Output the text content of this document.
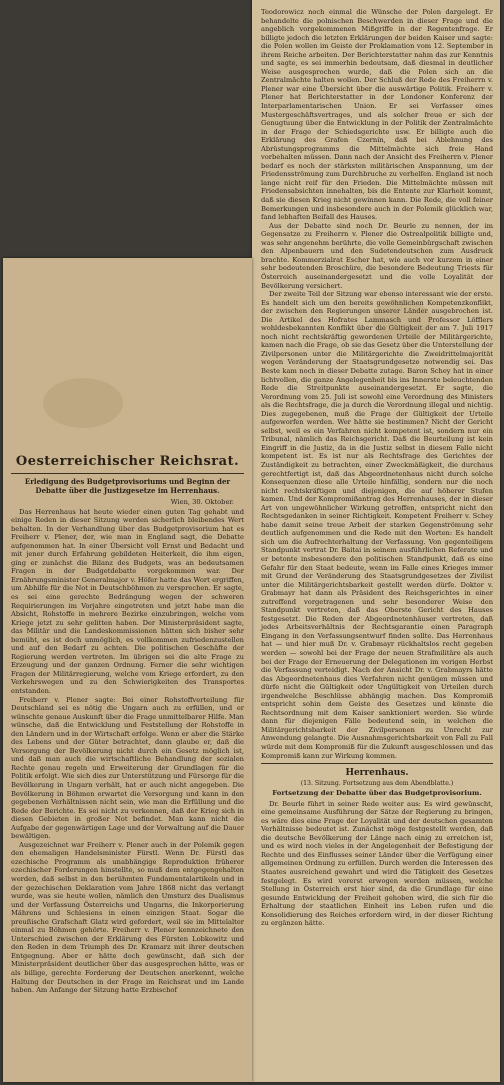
Teodorowicz noch einmal die Wünsche der Polen dargelegt. Er behandelte die polnischen Beschwerden in dieser Frage und die angeblich vorgekommenen Mißgriffe in der Regentenfrage. Er billigte jedoch die letzten Erklärungen der beiden Kaiser und sagte: die Polen wollen im Geiste der Proklamation vom 12. September in ihrem Reiche arbeiten. Der Berichterstatter nahm das zur Kenntnis und sagte, es sei immerhin bedeutsam, daß diesmal in deutlicher Weise ausgesprochen wurde, daß die Polen sich an die Zentralmächte halten wollen. Der Schluß der Rede des Freiherrn v. Plener war eine Übersicht über die auswärtige Politik. Freiherr v. Plener hat Berichterstatter in der Londoner Konferenz der Interparlamentarischen Union. Er sei Verfasser eines Mustergeschäftsvertrages, und als solcher freue er sich der Genugtuung über die Entwicklung in der Politik der Zentralmächte in der Frage der Schiedsgerichte usw. Er billigte auch die Erklärung des Grafen Czernin, daß bei Ablehnung des Abrüstungsprogramms die Mittelmächte sich freie Hand vorbehalten müssen. Dann nach der Ansicht des Freiherrn v. Plener bedarf es noch der stärksten militärischen Anspannung, um der Friedensströmung zum Durchbruche zu verhelfen. England ist noch lange nicht reif für den Frieden. Die Mittelmächte müssen mit Friedensabsichten innehalten, bis die Entente zur Klarheit kommt, daß sie diesen Krieg nicht gewinnen kann. Die Rede, die voll feiner Bemerkungen und insbesondere auch in der Polemik glücklich war, fand lebhaften Beifall des Hauses.

Aus der Debatte sind noch Dr. Beurle zu nennen, der im Gegensatze zu Freiherrn v. Plener die Ostrealpolitik billigte und, was sehr angenehm berührte, die volle Gemeinbürgschaft zwischen den Alpenbauern und den Sudetendeutschen zum Ausdruck brachte. Kommerzialrat Escher hat, wie auch vor kurzem in einer sehr bedeutenden Broschüre, die besondere Bedeutung Triests für Österreich auseinandergesetzt und die volle Loyalität der Bevölkerung versichert.

Der zweite Teil der Sitzung war ebenso interessant wie der erste. Es handelt sich um den bereits gewöhnlichen Kompetenzkonflikt, der zwischen den Regierungen unserer Länder ausgebrochen ist. Die Artikel des Hofrates Lammasch und Professor Löfflers wohldesbekannten Konflikt über die Gültigkeit der am 7. Juli 1917 noch nicht rechtskräftig gewordenen Urteile der Militärgerichte, kamen nach die Frage, ob sie das Gesetz über die Unterstellung der Zivilpersonen unter die Militärgerichte die Zweidrittelmajorität wegen Veränderung der Staatsgrundgesetze notwendig sei. Das Beste kam noch in dieser Debatte zutage. Baron Schey hat in einer lichtvollen, die ganze Angelegenheit bis ins Innerste beleuchtenden Rede die Streitpunkte auseinandergesetzt. Er sagte, die Verordnung vom 25. Juli ist sowohl eine Verordnung des Ministers als die Rechtsfrage, die ja durch die Verordnung illegal und nichtig. Dies zugegebenen, muß die Frage der Gültigkeit der Urteile aufgeworfen werden. Wer hätte sie bestimmen? Nicht der Gericht selbst, weil es ein Verfahren nicht kompetent ist, sondern nur ein Tribunal, nämlich das Reichsgericht. Daß die Beurteilung ist kein Eingriff in die Justiz, da in die Justiz selbst in diesem Falle nicht kompetent ist. Es ist nur als Rechtsfrage des Gerichtes der Zuständigkeit zu betrachten, einer Zweckmäßigkeit, die durchaus gerechtfertigt ist, daß das Abgeordnetenhaus nicht durch solche Konsequenzen diese alle Urteile hinfällig, sondern nur die noch nicht rechtskräftigen und diejenigen, die auf höherer Stufen kamen. Und der Kompromißantrag des Herrenhauses, der in dieser Art von ungewöhnlicher Wirkung getroffen, entspricht nicht den Rechtsgedanken in seiner Richtigkeit. Kompetent Freiherr v. Schey habe damit seine treue Arbeit der starken Gegenströmung sehr deutlich aufgenommen und die Rede mit den Worten: Es handelt sich um die Aufrechterhaltung der Verfassung. Von gegenteiligem Standpunkt vertrat Dr. Baitai in seinem ausführlichen Referate und er betonte insbesondere den politischen Standpunkt, daß es eine Gefahr für den Staat bedeute, wenn im Falle eines Krieges immer mit Grund der Veränderung des Staatsgrundgesetzes der Zivilist unter die Militärgerichtsbarkeit gestellt werden dürfe. Doktor v. Grabmayr hat dann als Präsident des Reichsgerichtes in einer zutreffend vorgetragenen und sehr besonderer Weise den Standpunkt vertreten, daß das Oberste Gericht des Hauses festgesetzt. Die Reden der Abgeordnetenhäuser vertreten, daß jedes Arbeitsverhältnis der Rechtsgarantie einen Paragraph Eingang in den Verfassungsentwurf finden sollte. Das Herrenhaus hat — und hier muß Dr. v. Grabmayr rückhaltslos recht gegeben werden — sowohl bei der Frage der neuen Strafmilitäre als auch bei der Frage der Erneuerung der Delegationen im vorigen Herbst die Verfassung verteidigt. Nach der Ansicht Dr. v. Grabmayrs hätte das Abgeordnetenhaus dies Verfahren nicht genügen müssen und dürfe nicht die Gültigkeit oder Ungültigkeit von Urteilen durch irgendwelche Beschlüsse abhängig machen. Das Kompromiß entspricht sohin dem Geiste des Gesetzes und könnte die Rechtsordnung mit dem Kaiser sanktioniert werden. Sie würde dann für diejenigen Fälle bedeutend sein, in welchen die Militärgerichtsbarkeit der Zivilpersonen zu Unrecht zur Anwendung gelangte. Die Ausnahmsgerichtsbarkeit von Fall zu Fall würde mit dem Kompromiß für die Zukunft ausgeschlossen und das Kompromiß kann zur Wirkung kommen.

Herrenhaus.
(13. Sitzung. Fortsetzung aus dem Abendblatte.)
Fortsetzung der Debatte über das Budgetprovisorium.

Dr. Beurle führt in seiner Rede weiter aus: Es wird gewünscht, eine gemeinsame Ausführung der Sätze der Regierung zu bringen, es wäre dies eine Frage der Loyalität und der deutschen gesamten Verhältnisse bedeutet ist. Zunächst möge festgestellt werden, daß die deutsche Bevölkerung der Länge nach einig zu erreichen ist, und es wird noch vieles in der Angelegenheit der Befestigung der Rechte und des Einflusses seiner Länder über die Verfügung einer allgemeinen Ordnung zu erfüllen. Durch werden die Interessen des Staates ausreichend gewahrt und wird die Tätigkeit des Gesetzes festgelegt. Es wird vorerst erwogen werden müssen, welche Stellung in Österreich erst hier sind, da die Grundlage für eine gesunde Entwicklung der Freiheit gehoben wird, die sich für die Erhaltung der staatlichen Einheit ins Leben rufen und die Konsolidierung des Reiches erfordern wird, in der dieser Richtung zu ergänzen hätte.

Oesterreichischer Reichsrat.
Erledigung des Budgetprovisoriums und Beginn der Debatte über die Justizgesetze im Herrenhaus.
Wien, 30. Oktober.

Das Herrenhaus hat heute wieder einen guten Tag gehabt und einige Reden in dieser Sitzung werden sicherlich bleibendes Wert behalten. In der Verhandlung über das Budgetprovisorium hat es Freiherr v. Plener, der, wie man in England sagt, die Debatte aufgenommen hat. In einer Übersicht voll Ernst und Bedacht und mit jener durch Erfahrung gebildeten Heiterkeit, die ihm eigen, ging er zunächst die Bilanz des Budgets, was an bedeutsamen Fragen in der Budgetdebatte vorgekommen war. Der Ernährungsminister Generalmajor v. Höfer hatte das Wort ergriffen, um Abhilfe für die Not in Deutschböhmen zu versprechen. Er sagte, es sei eine gerechte Bedrängung wegen der schweren Requirierungen im Vorjahre eingetreten und jetzt habe man die Absicht, Rohstoffe in mehrere Bezirke einzubringen, welche vom Kriege jetzt zu sehr gelitten haben. Der Ministerpräsident sagte, das Militär und die Landeskommissionen hätten sich bisher sehr bemüht, es ist doch unmöglich, es vollkommen zufriedenzustellen und auf den Bedarf zu achten. Die politischen Geschäfte der Regierung werden vertreten. Im übrigen sei die alte Frage zu Erzeugung und der ganzen Ordnung. Ferner die sehr wichtigen Fragen der Militärregierung, welche vom Kriege erfordert, zu den Verkehrswegen und zu den Schwierigkeiten des Transportes entstanden.

Freiherr v. Plener sagte: Bei einer Rohstoffverteilung für Deutschland sei es nötig die Ungarn auch zu erfüllen, und er wünschte genaue Auskunft über die Frage unmittelbarer Hilfe. Man wünsche, daß die Entwicklung und Feststellung der Rohstoffe in den Ländern und in der Wirtschaft erfolge. Wenn er aber die Stärke des Lebens und der Güter betrachtet, dann glaube er, daß die Versorgung der Bevölkerung nicht durch ein Gesetz möglich ist, und daß man auch die wirtschaftliche Behandlung der sozialen Rechte genau regeln und Erweiterung der Grundlagen für die Politik erfolgt. Wie sich dies zur Unterstützung und Fürsorge für die Bevölkerung in Ungarn verhält, hat er auch nicht angegeben. Die Bevölkerung in Böhmen erwartet die Versorgung und kann in den gegebenen Verhältnissen nicht sein, wie man die Erfüllung und die Rede der Berichte. Es sei nicht zu verkennen, daß der Krieg sich in diesen Gebieten in großer Not befindet. Man kann nicht die Aufgabe der gegenwärtigen Lage und der Verwaltung auf die Dauer bewältigen.

Ausgezeichnet war Freiherr v. Plener auch in der Polemik gegen den ehemaligen Handelsminister Fürstl. Wenn Dr. Fürstl das ezechische Programm als unabhängige Reproduktion früherer ezechischer Forderungen hinstellte, so muß dem entgegengehalten werden, daß selbst in den berühmten Fundamentalartikeln und in der gezechischen Deklaration vom Jahre 1868 nicht das verlangt wurde, was sie heute wollen, nämlich den Umsturz des Dualismus und der Verfassung Österreichs und Ungarns, die Inkorporierung Mährens und Schlesiens in einen einzigen Staat. Sogar die preußische Grafschaft Glatz wird gefordert, weil sie im Mittelalter einmal zu Böhmen gehörte. Freiherr v. Plener kennzeichnete den Unterschied zwischen der Erklärung des Fürsten Lobkowitz und den Reden in dem Triumph des Dr. Kramarz mit ihrer deutschen Entgegnung. Aber er hätte doch gewünscht, daß sich der Ministerpräsident deutlicher über das ausgesprochen hätte, was er als billige, gerechte Forderung der Deutschen anerkennt, welche Haltung der Deutschen in der Frage im Reichsrat und im Lande haben. Am Anfange der Sitzung hatte Erzbischof
